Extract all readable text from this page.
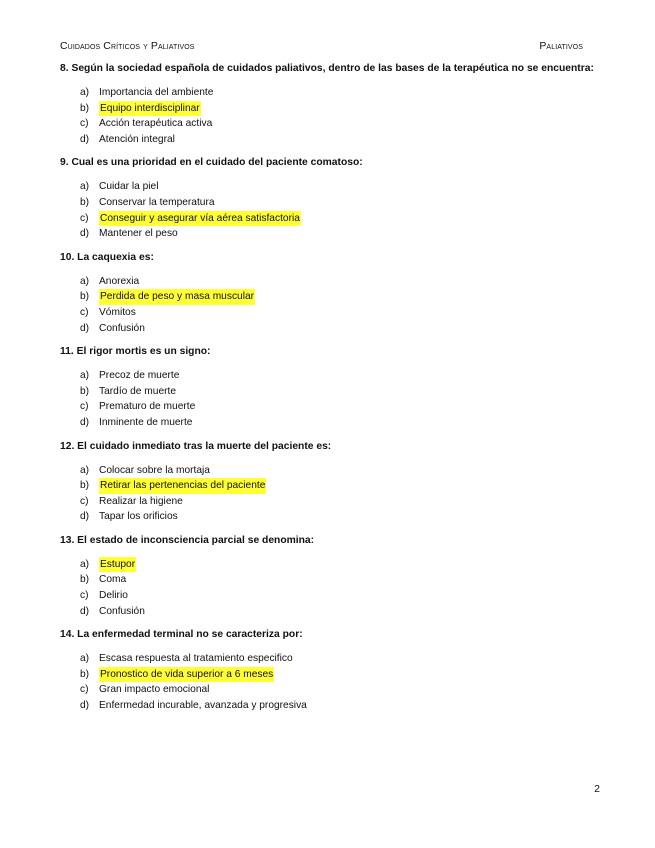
Cuidados Críticos y Paliativos	Paliativos
8. Según la sociedad española de cuidados paliativos, dentro de las bases de la terapéutica no se encuentra:
a) Importancia del ambiente
b)	Equipo interdisciplinar
c)	Acción terapéutica activa
d) Atención integral
9. Cual es una prioridad en el cuidado del paciente comatoso:
a) Cuidar la piel
b) Conservar la temperatura
c)	Conseguir y asegurar vía aérea satisfactoria
d) Mantener el peso
10. La caquexia es:
a) Anorexia
b)	Perdida de peso y masa muscular
c)	Vómitos
d) Confusión
11. El rigor mortis es un signo:
a) Precoz de muerte
b) Tardío de muerte
c)	Prematuro de muerte
d) Inminente de muerte
12. El cuidado inmediato tras la muerte del paciente es:
a) Colocar sobre la mortaja
b)	Retirar las pertenencias del paciente
c)	Realizar la higiene
d) Tapar los orificios
13. El estado de inconsciencia parcial se denomina:
a)	Estupor
b) Coma
c)	Delirio
d) Confusión
14. La enfermedad terminal no se caracteriza por:
a) Escasa respuesta al tratamiento especifico
b)	Pronostico de vida superior a 6 meses
c)	Gran impacto emocional
d) Enfermedad incurable, avanzada y progresiva
2
